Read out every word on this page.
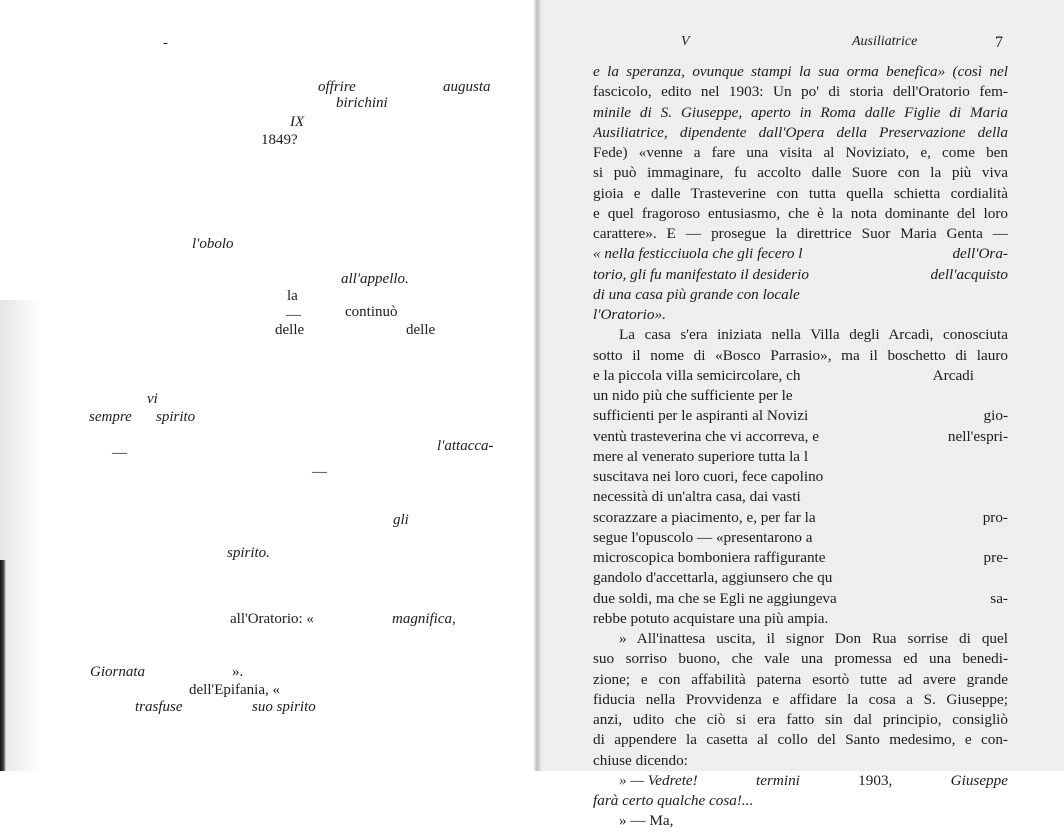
-
offrire	augusta
birichini
IX
1849?
l'obolo
all'appello.
la
—	continuò
delle	delle
vi
sempre spirito
—	l'attacca-
—
gli
spirito.
all'Oratorio: «	magnifica,
Giornata	».
dell'Epifania, «
trasfuse	suo spirito
V	Ausiliatrice	7
e la speranza, ovunque stampi la sua orma benefica» (così nel
fascicolo, edito nel 1903: Un po' di storia dell'Oratorio fem-
minile di S. Giuseppe, aperto in Roma dalle Figlie di Maria
Ausiliatrice, dipendente dall'Opera della Preservazione della
Fede) «venne a fare una visita al Noviziato, e, come ben
si può immaginare, fu accolto dalle Suore con la più viva
gioia e dalle Trasteverine con tutta quella schietta cordialità
e quel fragoroso entusiasmo, che è la nota dominante del loro
carattere». E — prosegue la direttrice Suor Maria Genta —
« nella festicciuola che gli fecero l	dell'Ora-
torio, gli fu manifestato il desiderio	dell'acquisto
di una casa più grande con locale
l'Oratorio».
La casa s'era iniziata nella Villa degli Arcadi, conosciuta
sotto il nome di «Bosco Parrasio», ma il boschetto di lauro
e la piccola villa semicircolare, ch	Arcadi
un nido più che sufficiente per le
sufficienti per le aspiranti al Novizi	gio-
ventù trasteverina che vi accorreva, e	nell'espri-
mere al venerato superiore tutta la l
suscitava nei loro cuori, fece capolino
necessità di un'altra casa, dai vasti
scorazzare a piacimento, e, per far la	pro-
segue l'opuscolo — «presentarono a
microscopica bomboniera raffigurante	pre-
gandolo d'accettarla, aggiunsero che qu
due soldi, ma che se Egli ne aggiungeva	sa-
rebbe potuto acquistare una più ampia.
» All'inattesa uscita, il signor Don Rua sorrise di quel
suo sorriso buono, che vale una promessa ed una benedi-
zione; e con affabilità paterna esortò tutte ad avere grande
fiducia nella Provvidenza e affidare la cosa a S. Giuseppe;
anzi, udito che ciò si era fatto sin dal principio, consigliò
di appendere la casetta al collo del Santo medesimo, e con-
chiuse dicendo:
» — Vedrete!	termini	1903,	Giuseppe
farà certo qualche cosa!...
» — Ma,
